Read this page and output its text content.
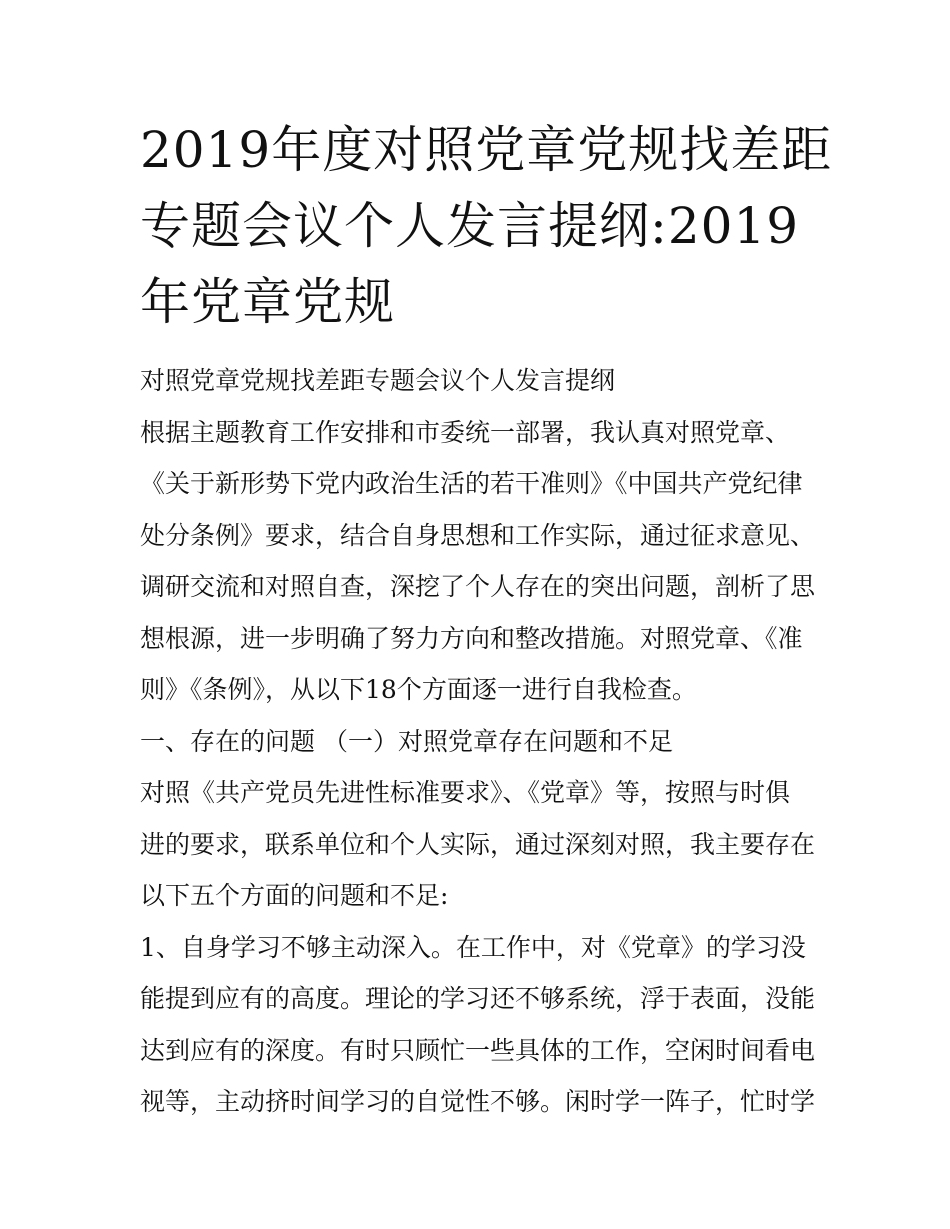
2019年度对照党章党规找差距
专题会议个人发言提纲:2019
年党章党规
对照党章党规找差距专题会议个人发言提纲
根据主题教育工作安排和市委统一部署，我认真对照党章、
《关于新形势下党内政治生活的若干准则》《中国共产党纪律
处分条例》要求，结合自身思想和工作实际，通过征求意见、
调研交流和对照自查，深挖了个人存在的突出问题，剖析了思
想根源，进一步明确了努力方向和整改措施。对照党章、《准
则》《条例》，从以下18个方面逐一进行自我检查。
一、存在的问题 （一）对照党章存在问题和不足
对照《共产党员先进性标准要求》、《党章》等，按照与时俱
进的要求，联系单位和个人实际，通过深刻对照，我主要存在
以下五个方面的问题和不足:
1、自身学习不够主动深入。在工作中，对《党章》的学习没
能提到应有的高度。理论的学习还不够系统，浮于表面，没能
达到应有的深度。有时只顾忙一些具体的工作，空闲时间看电
视等，主动挤时间学习的自觉性不够。闲时学一阵子，忙时学
